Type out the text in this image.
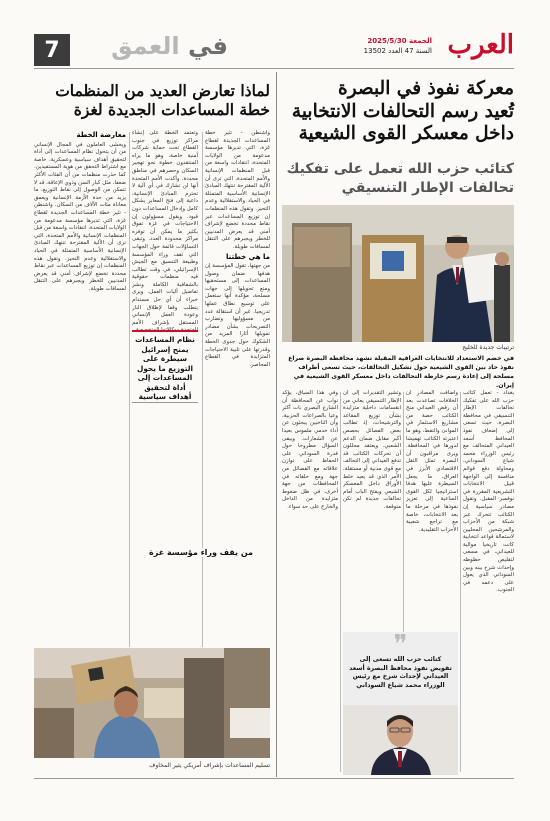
7	في العمق	الجمعة 2025/5/30
السنة 47 العدد 13502 العرب
معركة نفوذ في البصرة
تُعيد رسم التحالفات الانتخابية
داخل معسكر القوى الشيعية
كتائب حزب الله تعمل على تفكيك
تحالفات الإطار التنسيقي
ترتيبات جديدة للخليج
في خضم الاستعداد للانتخابات العراقية المقبلة تشهد محافظة البصرة صراع نفوذ حاد بين القوى الشيعية حول تشكيل التحالفات، حيث تسعى أطراف مسلحة إلى إعادة رسم خارطة التحالفات داخل معسكر القوى الشيعية في إيران.
بغداد - تعمل كتائب حزب الله على تفكيك تحالفات الإطار التنسيقي في محافظة البصرة، حيث تسعى إلى إضعاف نفوذ المحافظ أسعد العيداني المتحالف مع رئيس الوزراء محمد شياع السوداني، ومحاولة دفع قوائم منافسة إلى الواجهة قبيل الانتخابات التشريعية المقررة في نوفمبر المقبل. وتقول مصادر سياسية إن الكتائب تتحرك عبر شبكة من الأحزاب والمرشحين المحليين لاستمالة قواعد انتخابية كانت تاريخيا موالية للعيداني، في مسعى لتقليص حظوظه وإحداث شرخ بينه وبين السوداني الذي يعول على دعمه في الجنوب.
وأضافت المصادر أن الخلافات تصاعدت بعد أن رفض العيداني منح الكتائب حصة من مشاريع الاستثمار في الموانئ والنفط، وهو ما اعتبرته الكتائب تهميشا لدورها في المحافظة. ويرى مراقبون أن البصرة تمثل الثقل الاقتصادي الأبرز في العراق، ما يجعل السيطرة عليها هدفا استراتيجيا لكل القوى الساعية إلى تعزيز نفوذها في مرحلة ما بعد الانتخابات، خاصة مع تراجع شعبية الأحزاب التقليدية.
وتشير التقديرات إلى أن الإطار التنسيقي يعاني من انقسامات داخلية متزايدة بشأن توزيع المقاعد والترشيحات، إذ تطالب بعض الفصائل بحصص أكبر مقابل ضمان الدعم الشعبي. ويعتقد محللون أن تحركات الكتائب قد تدفع العيداني إلى التحالف مع قوى مدنية أو مستقلة، الأمر الذي قد يعيد خلط الأوراق داخل المعسكر الشيعي ويفتح الباب أمام تحالفات جديدة لم تكن متوقعة.
وفي هذا السياق، يؤكد نواب عن المحافظة أن الشارع البصري بات أكثر وعيا بالصراعات الحزبية، وأن الناخبين يبحثون عن أداء خدمي ملموس بعيدا عن الشعارات. ويبقى السؤال مطروحا حول قدرة السوداني على الحفاظ على توازن علاقاته مع الفصائل من جهة ومع حلفائه في المحافظات من جهة أخرى، في ظل ضغوط متزايدة من الداخل والخارج على حد سواء.
❞
كتائب حزب الله تسعى إلى تقويض نفوذ محافظ البصرة أسعد العيداني لإحداث شرخ مع رئيس الوزراء محمد شياع السوداني
لماذا تعارض العديد من المنظمات
خطة المساعدات الجديدة لغزة
واشنطن - تثير خطة المساعدات الجديدة لقطاع غزة، التي تديرها مؤسسة مدعومة من الولايات المتحدة، انتقادات واسعة من قبل المنظمات الإنسانية والأمم المتحدة، التي ترى أن الآلية المقترحة تنتهك المبادئ الإنسانية الأساسية المتمثلة في الحياد والاستقلالية وعدم التحيز. وتقول هذه المنظمات إن توزيع المساعدات عبر نقاط محددة تخضع لإشراف أمني قد يعرض المدنيين للخطر ويجبرهم على التنقل لمسافات طويلة.
ما هي خطتنا
من جهتها، تقول المؤسسة إن هدفها ضمان وصول المساعدات إلى مستحقيها ومنع تحويلها إلى جهات مسلحة، مؤكدة أنها ستعمل على توسيع نطاق عملها تدريجيا. غير أن استقالة عدد من مسؤوليها وتضارب التصريحات بشأن مصادر تمويلها أثارا المزيد من الشكوك حول جدوى الخطة وقدرتها على تلبية الاحتياجات المتزايدة في القطاع المحاصر.
وتعتمد الخطة على إنشاء مراكز توزيع في جنوب القطاع تحت حماية شركات أمنية خاصة، وهو ما يراه المنتقدون خطوة نحو تهجير السكان وحصرهم في مناطق محددة. وأكدت الأمم المتحدة أنها لن تشارك في أي آلية لا تحترم المبادئ الإنسانية، داعية إلى فتح المعابر بشكل كامل وإدخال المساعدات دون قيود. ويقول مسؤولون إن الاحتياجات في غزة تفوق بكثير ما يمكن أن توفره مراكز محدودة العدد. وتبقى التساؤلات قائمة حول الجهات التي تقف وراء المؤسسة وطبيعة التنسيق مع الجيش الإسرائيلي، في وقت تطالب فيه منظمات حقوقية بالشفافية الكاملة ونشر تفاصيل آليات العمل. ويرى خبراء أن أي حل مستدام يتطلب وقفا لإطلاق النار وعودة العمل الإنساني المستقل بإشراف الأمم
معارضة الخطة
ويخشى العاملون في المجال الإنساني من أن يتحول نظام المساعدات إلى أداة لتحقيق أهداف سياسية وعسكرية، خاصة مع اشتراط التحقق من هوية المستفيدين. كما حذرت منظمات من أن الفئات الأكثر ضعفا، مثل كبار السن وذوي الإعاقة، قد لا تتمكن من الوصول إلى نقاط التوزيع، ما يزيد من حدة الأزمة الإنسانية ويعمق معاناة مئات الآلاف من السكان. واشنطن - تثير خطة المساعدات الجديدة لقطاع غزة، التي تديرها مؤسسة مدعومة من الولايات المتحدة، انتقادات واسعة من قبل المنظمات الإنسانية والأمم المتحدة، التي ترى أن الآلية المقترحة تنتهك المبادئ الإنسانية الأساسية المتمثلة في الحياد والاستقلالية وعدم التحيز. وتقول هذه المنظمات إن توزيع المساعدات عبر نقاط محددة تخضع لإشراف أمني قد يعرض المدنيين للخطر ويجبرهم على التنقل لمسافات طويلة.
نظام المساعدات يمنح إسرائيل سيطرة على التوزيع ما يحول المساعدات إلى أداة لتحقيق أهداف سياسية
من يقف وراء مؤسسة غزة
تسليم المساعدات بإشراف أمريكي يثير المخاوف
